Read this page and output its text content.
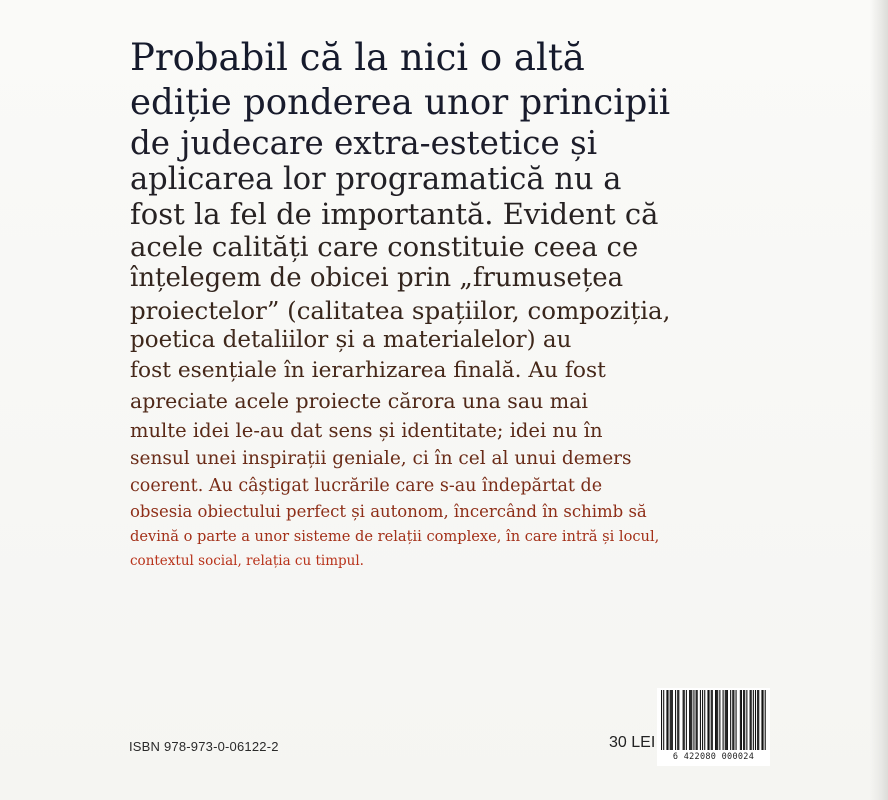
Probabil că la nici o altă
ediție ponderea unor principii
de judecare extra-estetice și
aplicarea lor programatică nu a
fost la fel de importantă. Evident că
acele calități care constituie ceea ce
înțelegem de obicei prin „frumusețea
proiectelor” (calitatea spațiilor, compoziția,
poetica detaliilor și a materialelor) au
fost esențiale în ierarhizarea finală. Au fost
apreciate acele proiecte cărora una sau mai
multe idei le-au dat sens și identitate; idei nu în
sensul unei inspirații geniale, ci în cel al unui demers
coerent. Au câștigat lucrările care s-au îndepărtat de
obsesia obiectului perfect și autonom, încercând în schimb să
devină o parte a unor sisteme de relații complexe, în care intră și locul,
contextul social, relația cu timpul.
ISBN 978-973-0-06122-2	30 LEI
6 422080 000024
